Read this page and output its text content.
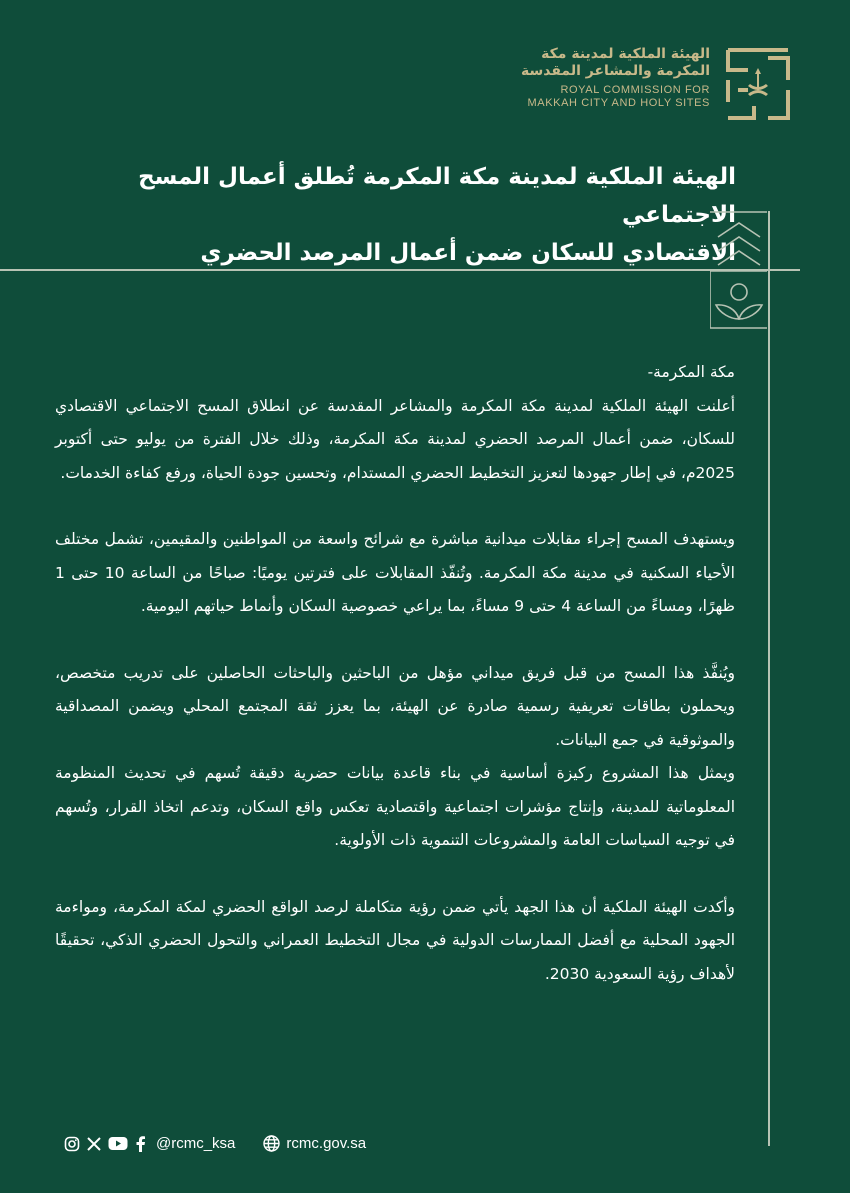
الهيئة الملكية لمدينة مكة
المكرمة والمشاعر المقدسة
ROYAL COMMISSION FOR
MAKKAH CITY AND HOLY SITES
الهيئة الملكية لمدينة مكة المكرمة تُطلق أعمال المسح الاجتماعي
الاقتصادي للسكان ضمن أعمال المرصد الحضري

مكة المكرمة-

أعلنت الهيئة الملكية لمدينة مكة المكرمة والمشاعر المقدسة عن انطلاق المسح الاجتماعي الاقتصادي للسكان، ضمن أعمال المرصد الحضري لمدينة مكة المكرمة، وذلك خلال الفترة من يوليو حتى أكتوبر 2025م، في إطار جهودها لتعزيز التخطيط الحضري المستدام، وتحسين جودة الحياة، ورفع كفاءة الخدمات.

ويستهدف المسح إجراء مقابلات ميدانية مباشرة مع شرائح واسعة من المواطنين والمقيمين، تشمل مختلف الأحياء السكنية في مدينة مكة المكرمة. وتُنفّذ المقابلات على فترتين يوميًا: صباحًا من الساعة 10 حتى 1 ظهرًا، ومساءً من الساعة 4 حتى 9 مساءً، بما يراعي خصوصية السكان وأنماط حياتهم اليومية.

ويُنفَّذ هذا المسح من قبل فريق ميداني مؤهل من الباحثين والباحثات الحاصلين على تدريب متخصص، ويحملون بطاقات تعريفية رسمية صادرة عن الهيئة، بما يعزز ثقة المجتمع المحلي ويضمن المصداقية والموثوقية في جمع البيانات.

ويمثل هذا المشروع ركيزة أساسية في بناء قاعدة بيانات حضرية دقيقة تُسهم في تحديث المنظومة المعلوماتية للمدينة، وإنتاج مؤشرات اجتماعية واقتصادية تعكس واقع السكان، وتدعم اتخاذ القرار، وتُسهم في توجيه السياسات العامة والمشروعات التنموية ذات الأولوية.

وأكدت الهيئة الملكية أن هذا الجهد يأتي ضمن رؤية متكاملة لرصد الواقع الحضري لمكة المكرمة، ومواءمة الجهود المحلية مع أفضل الممارسات الدولية في مجال التخطيط العمراني والتحول الحضري الذكي، تحقيقًا لأهداف رؤية السعودية 2030.

@rcmc_ksa	rcmc.gov.sa
